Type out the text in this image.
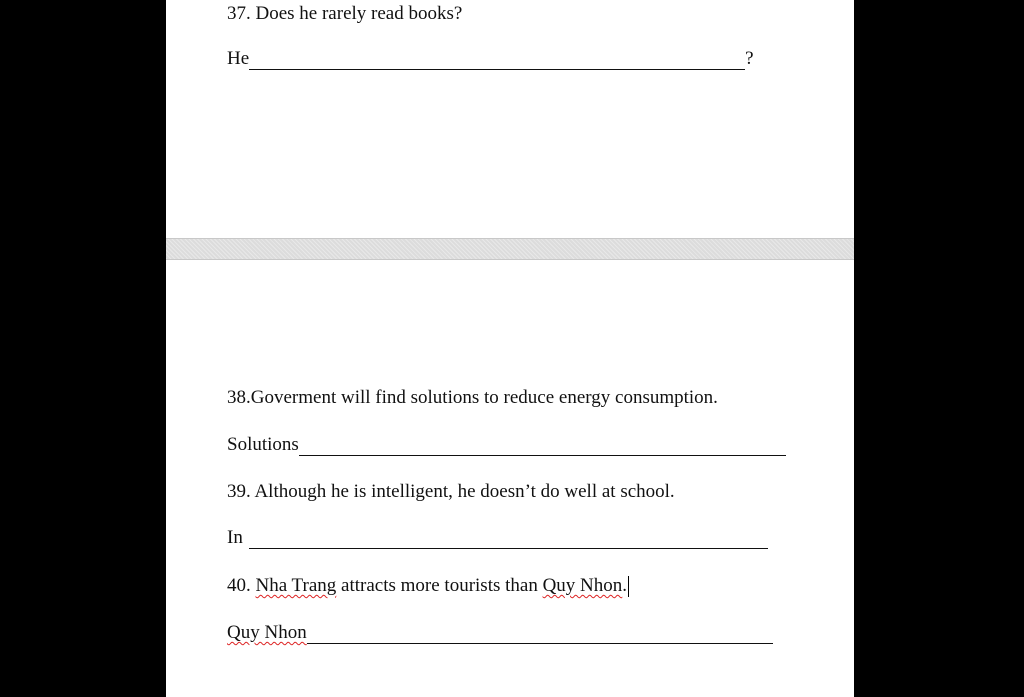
37. Does he rarely read books?
He	?
38.Goverment will find solutions to reduce energy consumption.
Solutions
39. Although he is intelligent, he doesn’t do well at school.
In
40.
Nha Trang
attracts more tourists than
Quy Nhon .
Quy Nhon
